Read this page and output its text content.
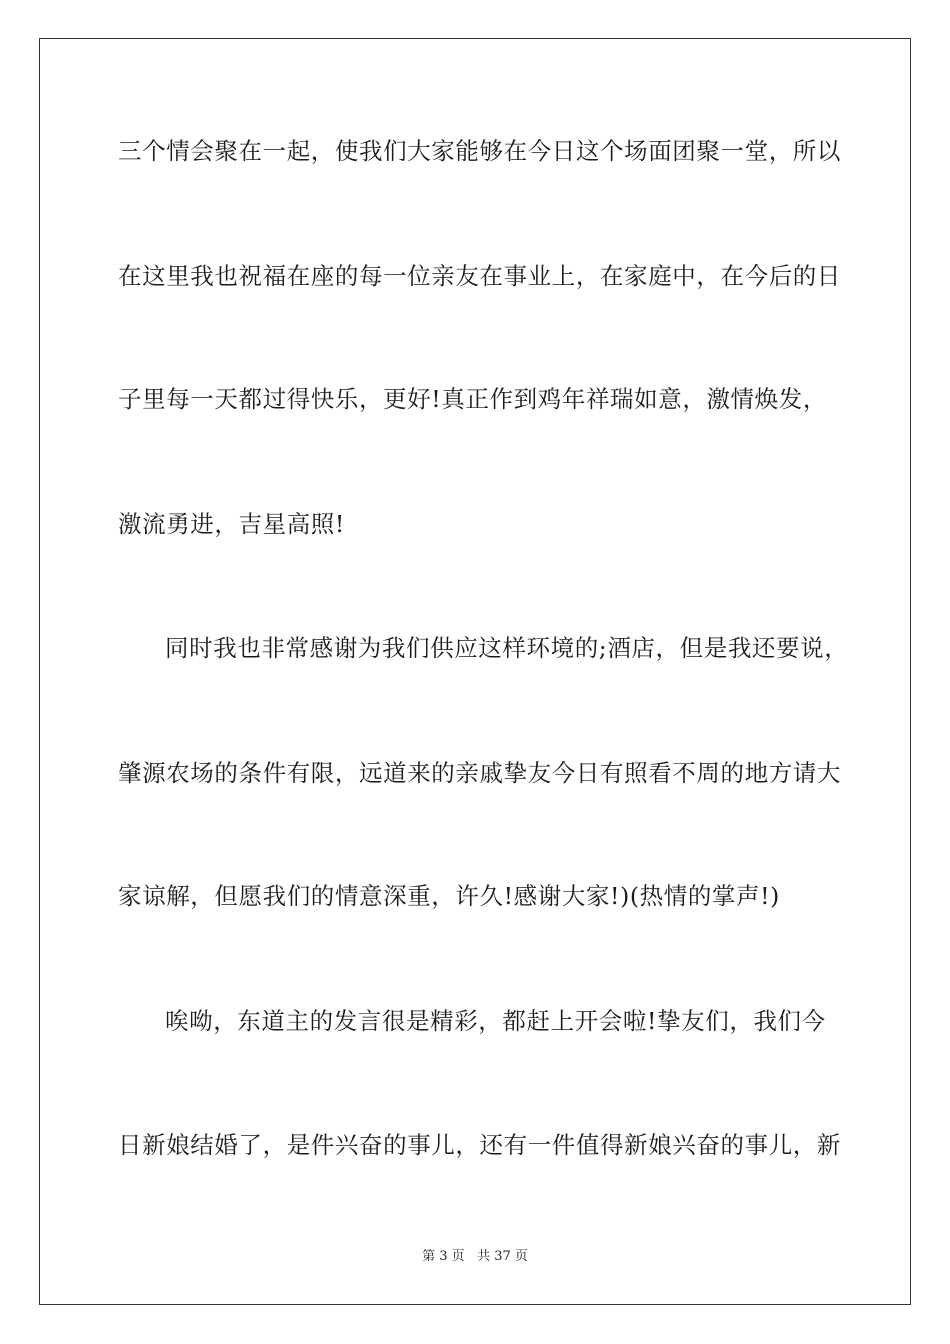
三个情会聚在一起，使我们大家能够在今日这个场面团聚一堂，所以
在这里我也祝福在座的每一位亲友在事业上，在家庭中，在今后的日
子里每一天都过得快乐，更好!真正作到鸡年祥瑞如意，激情焕发，
激流勇进，吉星高照!
同时我也非常感谢为我们供应这样环境的;酒店，但是我还要说，
肇源农场的条件有限，远道来的亲戚挚友今日有照看不周的地方请大
家谅解，但愿我们的情意深重，许久!感谢大家!)(热情的掌声!)
唉呦，东道主的发言很是精彩，都赶上开会啦!挚友们，我们今
日新娘结婚了，是件兴奋的事儿，还有一件值得新娘兴奋的事儿，新
第 3 页 共 37 页
